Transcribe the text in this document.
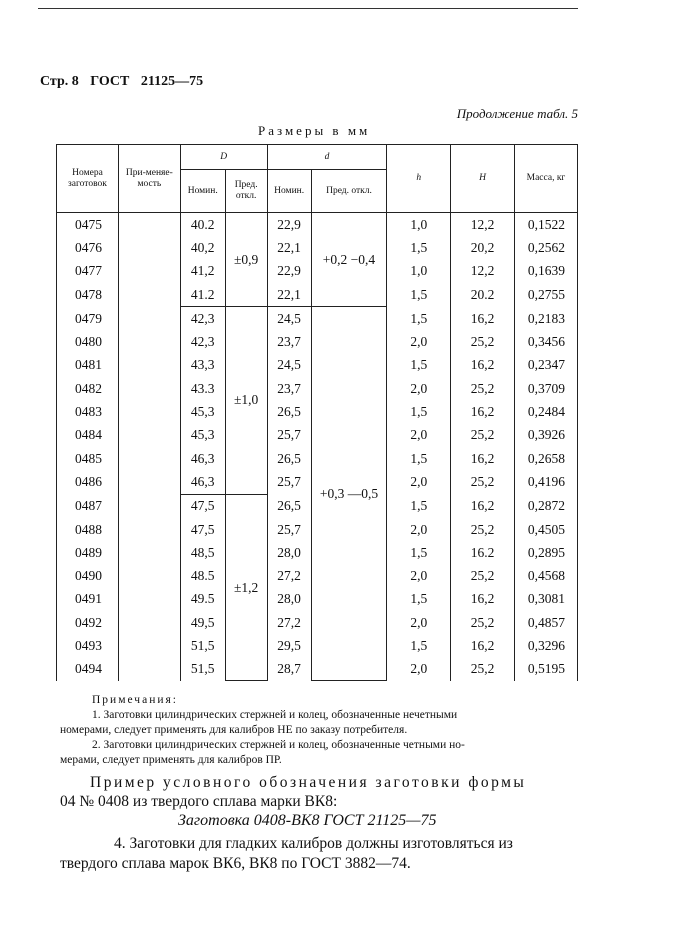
Стр. 8 ГОСТ 21125—75
Продолжение табл. 5
Размеры в мм
Номера заготовок	При-меняе-мость	D		d		h	H	Масса, кг
		Номин.	Пред. откл.	Номин.	Пред. откл.			
0475		40.2	±0,9	22,9	+0,2 −0,4	1,0	12,2	0,1522
0476		40,2		22,1		1,5	20,2	0,2562
0477		41,2		22,9		1,0	12,2	0,1639
0478		41.2		22,1		1,5	20.2	0,2755
0479		42,3	±1,0	24,5	+0,3 —0,5	1,5	16,2	0,2183
0480		42,3		23,7		2,0	25,2	0,3456
0481		43,3		24,5		1,5	16,2	0,2347
0482		43.3		23,7		2,0	25,2	0,3709
0483		45,3		26,5		1,5	16,2	0,2484
0484		45,3		25,7		2,0	25,2	0,3926
0485		46,3		26,5		1,5	16,2	0,2658
0486		46,3		25,7		2,0	25,2	0,4196
0487		47,5	±1,2	26,5		1,5	16,2	0,2872
0488		47,5		25,7		2,0	25,2	0,4505
0489		48,5		28,0		1,5	16.2	0,2895
0490		48.5		27,2		2,0	25,2	0,4568
0491		49.5		28,0		1,5	16,2	0,3081
0492		49,5		27,2		2,0	25,2	0,4857
0493		51,5		29,5		1,5	16,2	0,3296
0494		51,5		28,7		2,0	25,2	0,5195
Примечания:

1. Заготовки цилиндрических стержней и колец, обозначенные нечетными

номерами, следует применять для калибров НЕ по заказу потребителя.

2. Заготовки цилиндрических стержней и колец, обозначенные четными но-

мерами, следует применять для калибров ПР.

Пример условного обозначения заготовки формы
04 № 0408 из твердого сплава марки ВК8:
Заготовка 0408-ВК8 ГОСТ 21125—75
4. Заготовки для гладких калибров должны изготовляться из
твердого сплава марок ВК6, ВК8 по ГОСТ 3882—74.
